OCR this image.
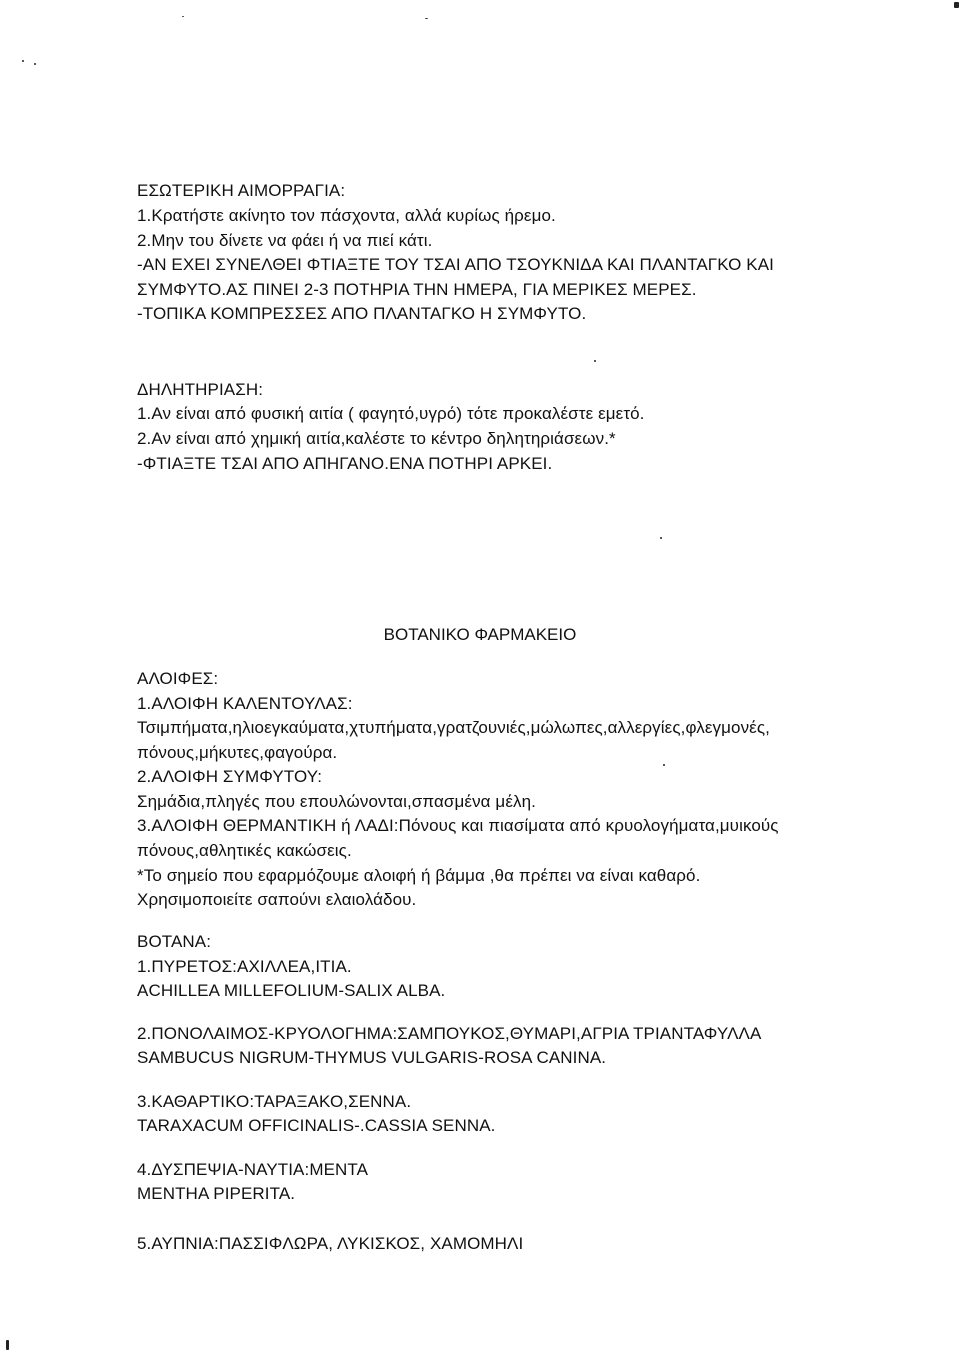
ΕΣΩΤΕΡΙΚΗ ΑΙΜΟΡΡΑΓΙΑ:
1.Κρατήστε ακίνητο τον πάσχοντα, αλλά κυρίως ήρεμο.
2.Μην του δίνετε να φάει ή να πιεί κάτι.
-ΑΝ ΕΧΕΙ ΣΥΝΕΛΘΕΙ ΦΤΙΑΞΤΕ ΤΟΥ ΤΣΑΙ ΑΠΟ ΤΣΟΥΚΝΙΔΑ ΚΑΙ ΠΛΑΝΤΑΓΚΟ ΚΑΙ
ΣΥΜΦΥΤΟ.ΑΣ ΠΙΝΕΙ 2-3 ΠΟΤΗΡΙΑ ΤΗΝ ΗΜΕΡΑ, ΓΙΑ ΜΕΡΙΚΕΣ ΜΕΡΕΣ.
-ΤΟΠΙΚΑ ΚΟΜΠΡΕΣΣΕΣ ΑΠΟ ΠΛΑΝΤΑΓΚΟ Η ΣΥΜΦΥΤΟ.
ΔΗΛΗΤΗΡΙΑΣΗ:
1.Αν είναι από φυσική αιτία ( φαγητό,υγρό) τότε προκαλέστε εμετό.
2.Αν είναι από χημική αιτία,καλέστε το κέντρο δηλητηριάσεων.*
-ΦΤΙΑΞΤΕ ΤΣΑΙ ΑΠΟ ΑΠΗΓΑΝΟ.ΕΝΑ ΠΟΤΗΡΙ ΑΡΚΕΙ.
ΒΟΤΑΝΙΚΟ ΦΑΡΜΑΚΕΙΟ
ΑΛΟΙΦΕΣ:
1.ΑΛΟΙΦΗ ΚΑΛΕΝΤΟΥΛΑΣ:
Τσιμπήματα,ηλιοεγκαύματα,χτυπήματα,γρατζουνιές,μώλωπες,αλλεργίες,φλεγμονές,
πόνους,μήκυτες,φαγούρα.
2.ΑΛΟΙΦΗ ΣΥΜΦΥΤΟΥ:
Σημάδια,πληγές που επουλώνονται,σπασμένα μέλη.
3.ΑΛΟΙΦΗ ΘΕΡΜΑΝΤΙΚΗ ή ΛΑΔΙ:Πόνους και πιασίματα από κρυολογήματα,μυικούς
πόνους,αθλητικές κακώσεις.
*Το σημείο που εφαρμόζουμε αλοιφή ή βάμμα ,θα πρέπει να είναι καθαρό.
Χρησιμοποιείτε σαπούνι ελαιολάδου.
ΒΟΤΑΝΑ:
1.ΠΥΡΕΤΟΣ:ΑΧΙΛΛΕΑ,ΙΤΙΑ.
ACHILLEA MILLEFOLIUM-SALIX ALBA.
2.ΠΟΝΟΛΑΙΜΟΣ-ΚΡΥΟΛΟΓΗΜΑ:ΣΑΜΠΟΥΚΟΣ,ΘΥΜΑΡΙ,ΑΓΡΙΑ ΤΡΙΑΝΤΑΦΥΛΛΑ
SAMBUCUS NIGRUM-THYMUS VULGARIS-ROSA CANINA.
3.ΚΑΘΑΡΤΙΚΟ:ΤΑΡΑΞΑΚΟ,ΣΕΝΝΑ.
TARAXACUM OFFICINALIS-.CASSIA SENNA.
4.ΔΥΣΠΕΨΙΑ-ΝΑΥΤΙΑ:ΜΕΝΤΑ
MENTHA PIPERITA.
5.ΑΥΠΝΙΑ:ΠΑΣΣΙΦΛΩΡΑ, ΛΥΚΙΣΚΟΣ, ΧΑΜΟΜΗΛΙ
